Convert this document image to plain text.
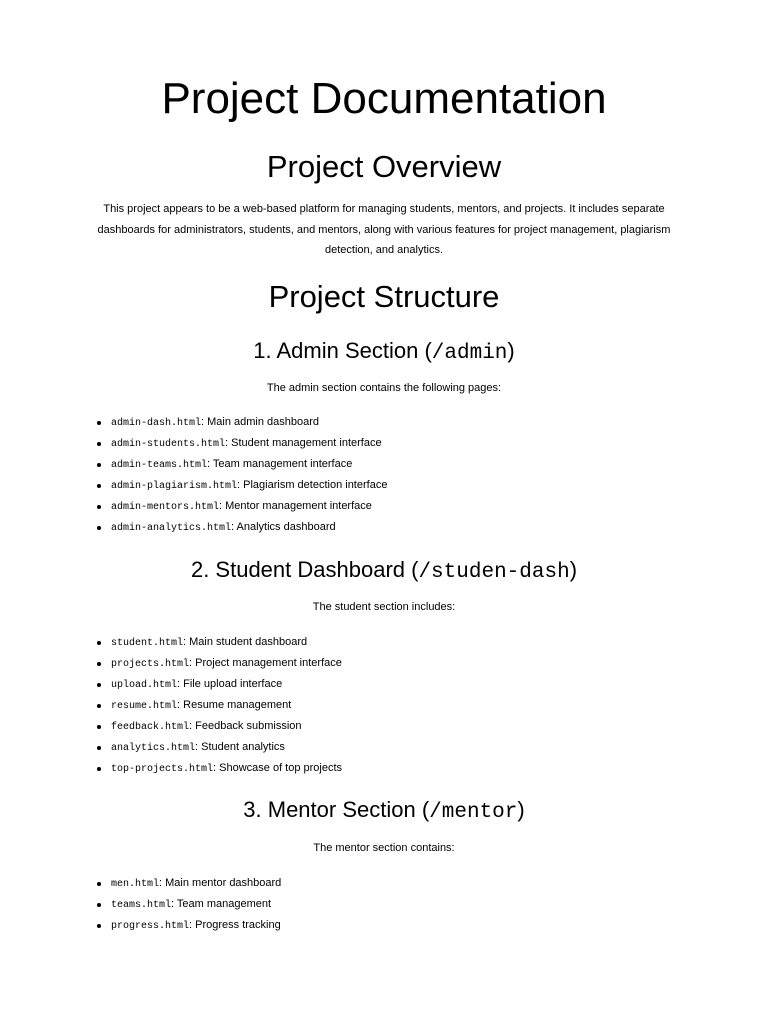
Project Documentation
Project Overview

This project appears to be a web-based platform for managing students, mentors, and projects. It includes separate dashboards for administrators, students, and mentors, along with various features for project management, plagiarism detection, and analytics.

Project Structure
1. Admin Section (/admin)

The admin section contains the following pages:

admin-dash.html: Main admin dashboard
admin-students.html: Student management interface
admin-teams.html: Team management interface
admin-plagiarism.html: Plagiarism detection interface
admin-mentors.html: Mentor management interface
admin-analytics.html: Analytics dashboard
2. Student Dashboard (/studen-dash)

The student section includes:

student.html: Main student dashboard
projects.html: Project management interface
upload.html: File upload interface
resume.html: Resume management
feedback.html: Feedback submission
analytics.html: Student analytics
top-projects.html: Showcase of top projects
3. Mentor Section (/mentor)

The mentor section contains:

men.html: Main mentor dashboard
teams.html: Team management
progress.html: Progress tracking
